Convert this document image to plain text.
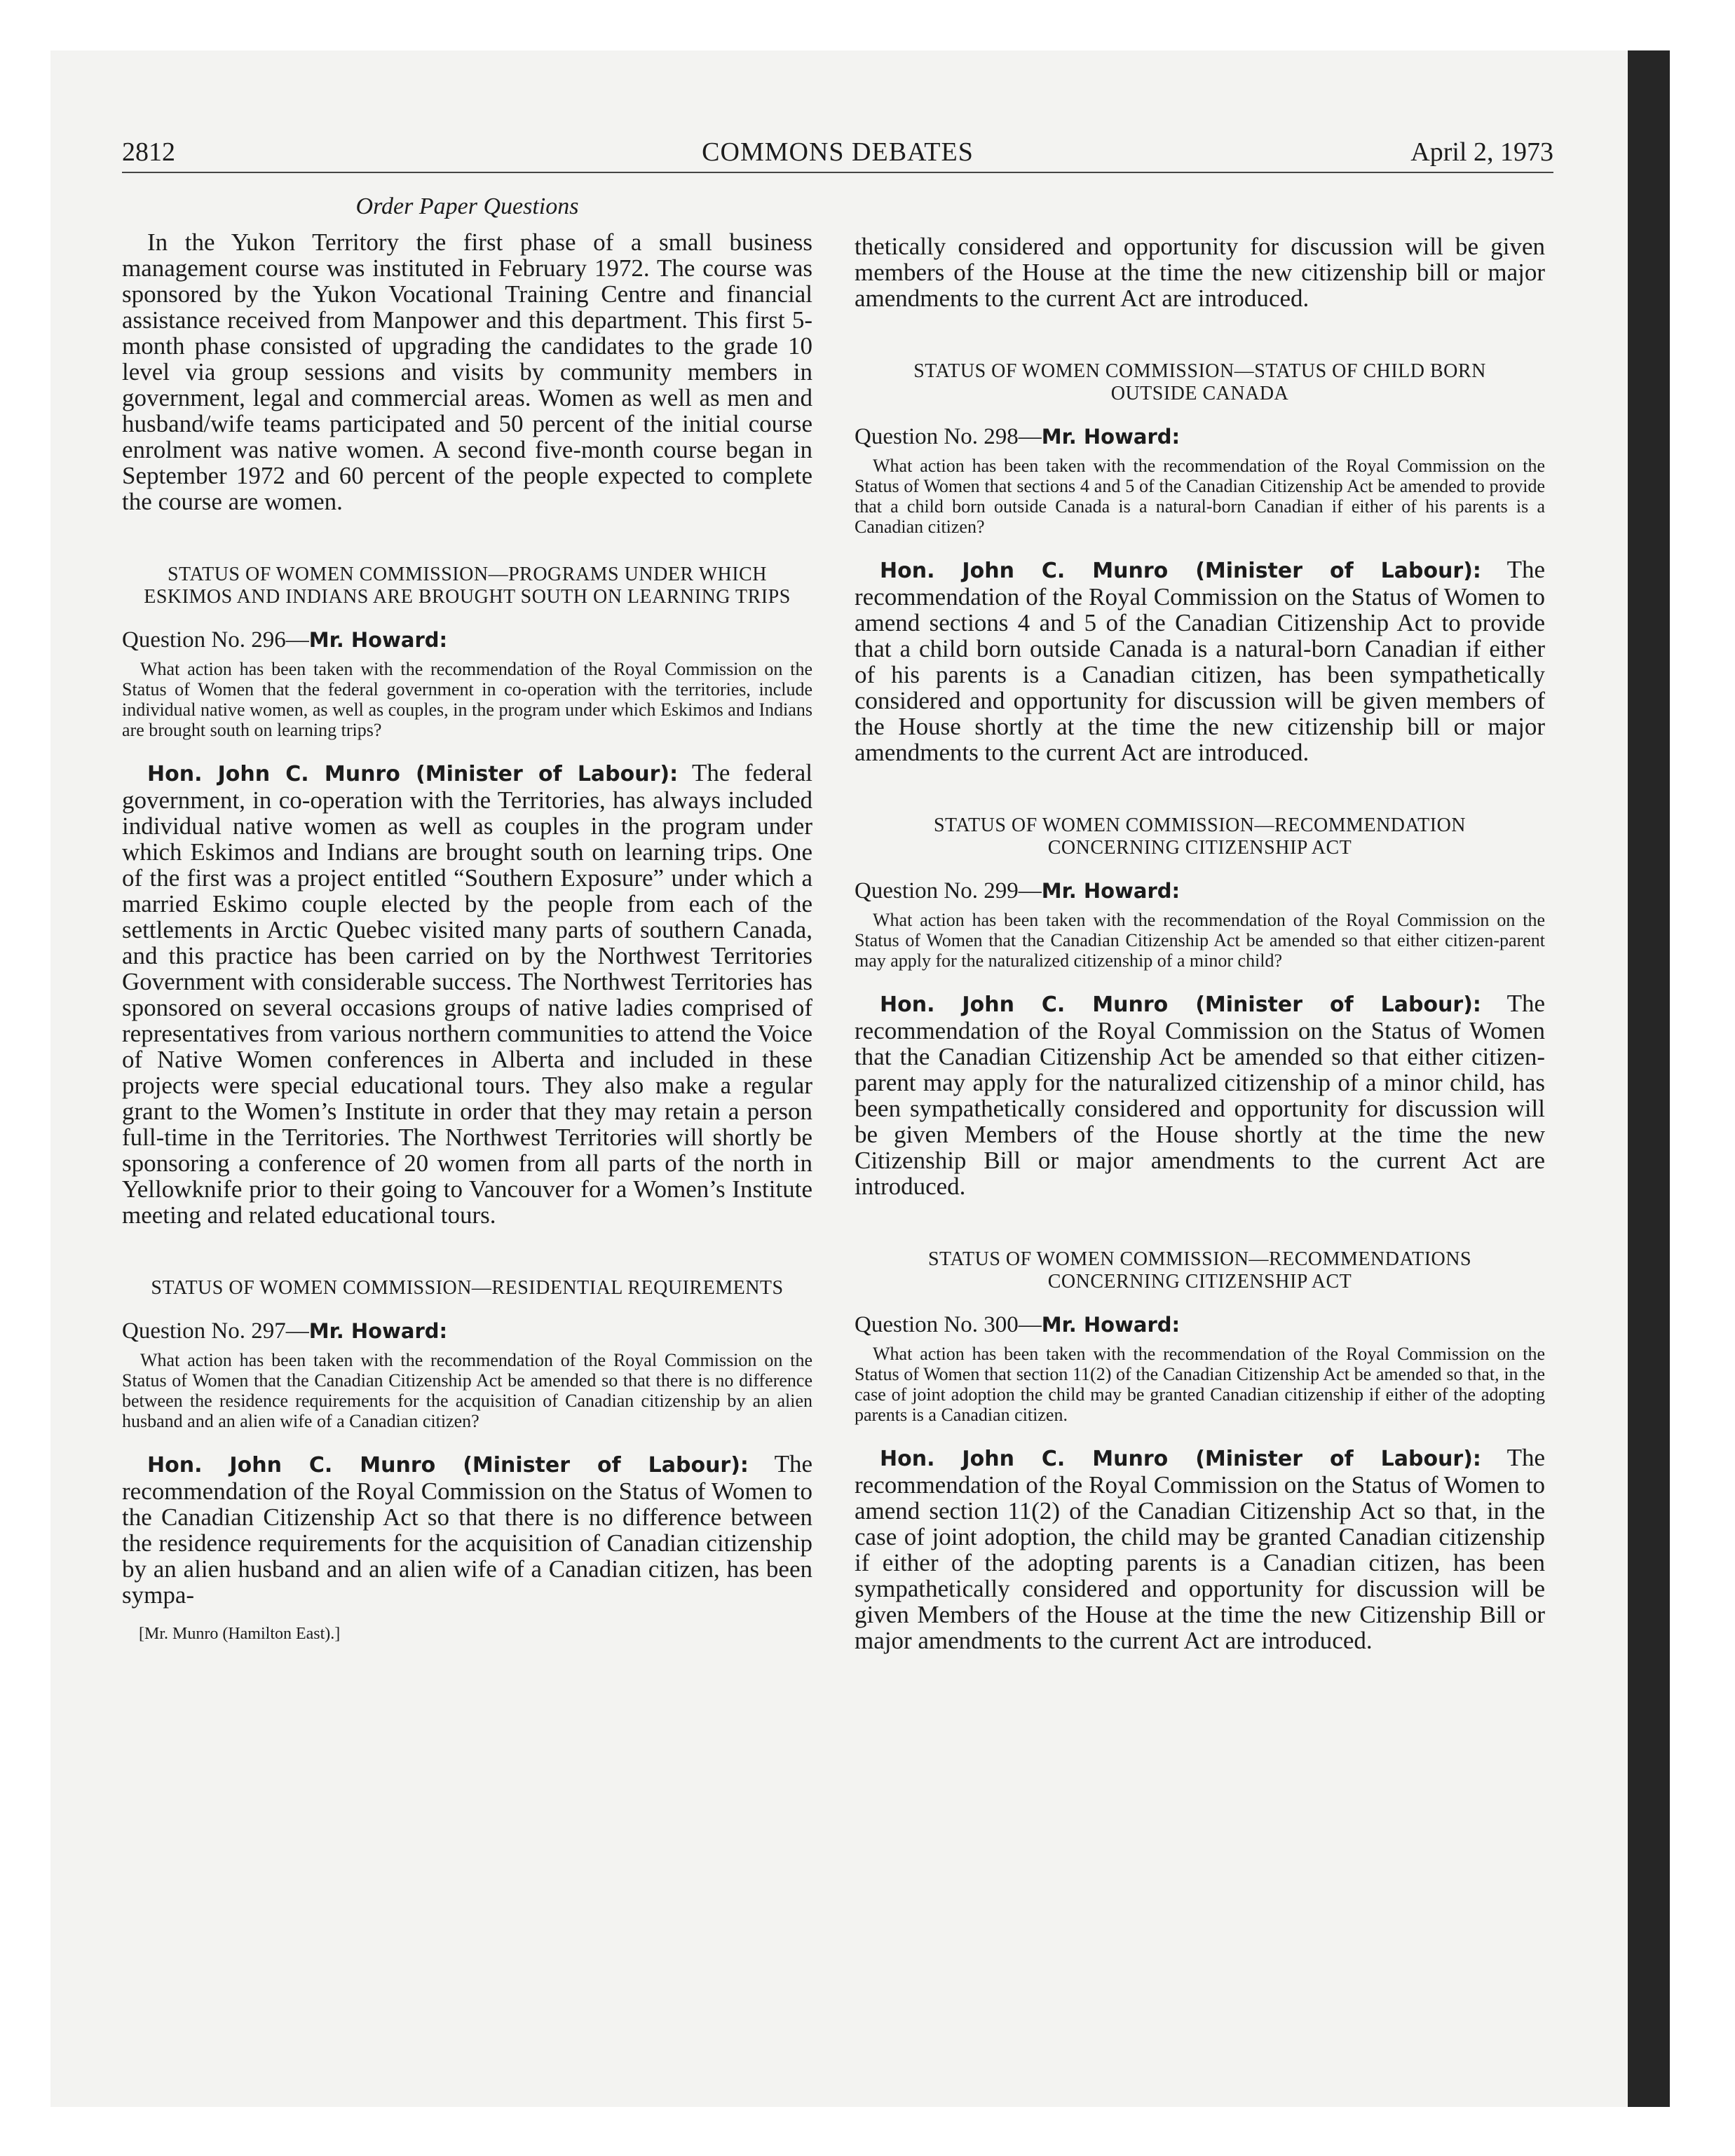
2812	COMMONS DEBATES	April 2, 1973
Order Paper Questions

In the Yukon Territory the first phase of a small business management course was instituted in February 1972. The course was sponsored by the Yukon Vocational Training Centre and financial assistance received from Manpower and this department. This first 5-month phase consisted of upgrading the candidates to the grade 10 level via group sessions and visits by community members in government, legal and commercial areas. Women as well as men and husband/wife teams participated and 50 percent of the initial course enrolment was native women. A second five-month course began in September 1972 and 60 percent of the people expected to complete the course are women.

STATUS OF WOMEN COMMISSION—PROGRAMS UNDER WHICH ESKIMOS AND INDIANS ARE BROUGHT SOUTH ON LEARNING TRIPS
Question No. 296—Mr. Howard:

What action has been taken with the recommendation of the Royal Commission on the Status of Women that the federal government in co-operation with the territories, include individual native women, as well as couples, in the program under which Eskimos and Indians are brought south on learning trips?

Hon. John C. Munro (Minister of Labour): The federal government, in co-operation with the Territories, has always included individual native women as well as couples in the program under which Eskimos and Indians are brought south on learning trips. One of the first was a project entitled “Southern Exposure” under which a married Eskimo couple elected by the people from each of the settlements in Arctic Quebec visited many parts of southern Canada, and this practice has been carried on by the Northwest Territories Government with considerable success. The Northwest Territories has sponsored on several occasions groups of native ladies comprised of representatives from various northern communities to attend the Voice of Native Women conferences in Alberta and included in these projects were special educational tours. They also make a regular grant to the Women’s Institute in order that they may retain a person full-time in the Territories. The Northwest Territories will shortly be sponsoring a conference of 20 women from all parts of the north in Yellowknife prior to their going to Vancouver for a Women’s Institute meeting and related educational tours.

STATUS OF WOMEN COMMISSION—RESIDENTIAL REQUIREMENTS
Question No. 297—Mr. Howard:

What action has been taken with the recommendation of the Royal Commission on the Status of Women that the Canadian Citizenship Act be amended so that there is no difference between the residence requirements for the acquisition of Canadian citizenship by an alien husband and an alien wife of a Canadian citizen?

Hon. John C. Munro (Minister of Labour): The recommendation of the Royal Commission on the Status of Women to the Canadian Citizenship Act so that there is no difference between the residence requirements for the acquisition of Canadian citizenship by an alien husband and an alien wife of a Canadian citizen, has been sympa-

[Mr. Munro (Hamilton East).]

thetically considered and opportunity for discussion will be given members of the House at the time the new citizenship bill or major amendments to the current Act are introduced.

STATUS OF WOMEN COMMISSION—STATUS OF CHILD BORN OUTSIDE CANADA
Question No. 298—Mr. Howard:

What action has been taken with the recommendation of the Royal Commission on the Status of Women that sections 4 and 5 of the Canadian Citizenship Act be amended to provide that a child born outside Canada is a natural-born Canadian if either of his parents is a Canadian citizen?

Hon. John C. Munro (Minister of Labour): The recommendation of the Royal Commission on the Status of Women to amend sections 4 and 5 of the Canadian Citizenship Act to provide that a child born outside Canada is a natural-born Canadian if either of his parents is a Canadian citizen, has been sympathetically considered and opportunity for discussion will be given members of the House shortly at the time the new citizenship bill or major amendments to the current Act are introduced.

STATUS OF WOMEN COMMISSION—RECOMMENDATION CONCERNING CITIZENSHIP ACT
Question No. 299—Mr. Howard:

What action has been taken with the recommendation of the Royal Commission on the Status of Women that the Canadian Citizenship Act be amended so that either citizen-parent may apply for the naturalized citizenship of a minor child?

Hon. John C. Munro (Minister of Labour): The recommendation of the Royal Commission on the Status of Women that the Canadian Citizenship Act be amended so that either citizen-parent may apply for the naturalized citizenship of a minor child, has been sympathetically considered and opportunity for discussion will be given Members of the House shortly at the time the new Citizenship Bill or major amendments to the current Act are introduced.

STATUS OF WOMEN COMMISSION—RECOMMENDATIONS CONCERNING CITIZENSHIP ACT
Question No. 300—Mr. Howard:

What action has been taken with the recommendation of the Royal Commission on the Status of Women that section 11(2) of the Canadian Citizenship Act be amended so that, in the case of joint adoption the child may be granted Canadian citizenship if either of the adopting parents is a Canadian citizen.

Hon. John C. Munro (Minister of Labour): The recommendation of the Royal Commission on the Status of Women to amend section 11(2) of the Canadian Citizenship Act so that, in the case of joint adoption, the child may be granted Canadian citizenship if either of the adopting parents is a Canadian citizen, has been sympathetically considered and opportunity for discussion will be given Members of the House at the time the new Citizenship Bill or major amendments to the current Act are introduced.
